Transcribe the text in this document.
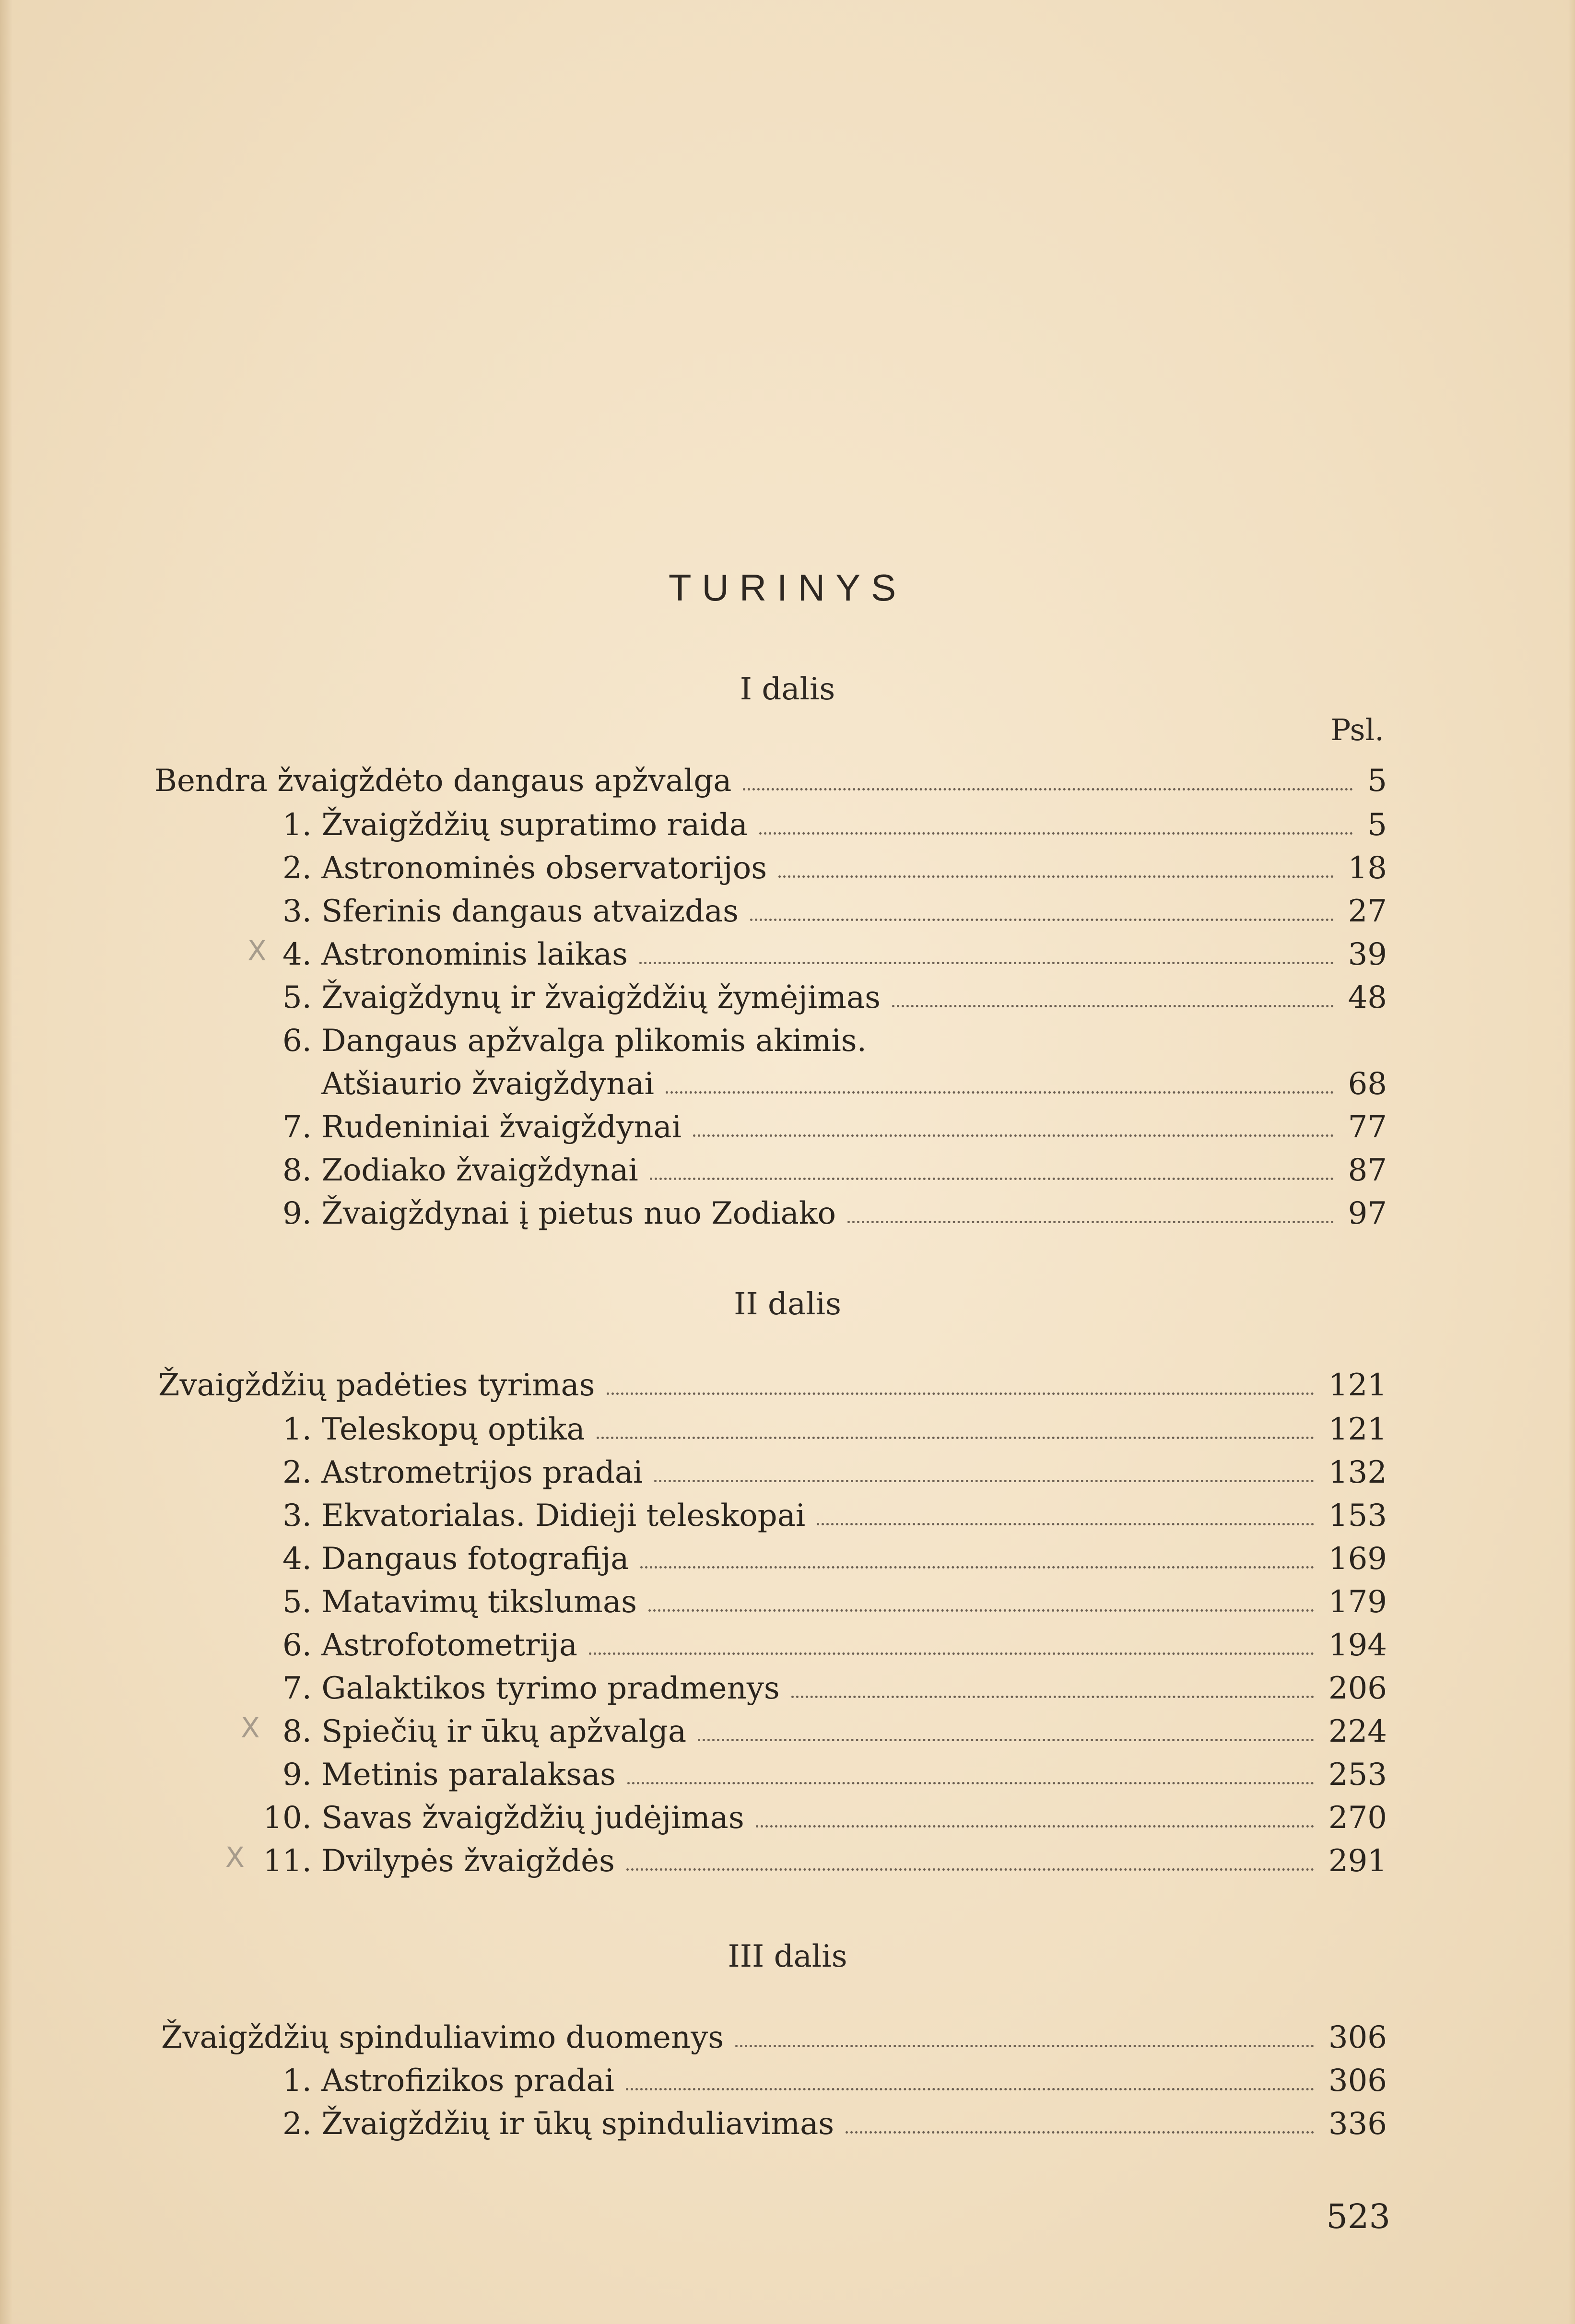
TURINYS
I dalis
Psl.
Bendra žvaigždėto dangaus apžvalga	5
1. Žvaigždžių supratimo raida	5
2. Astronominės observatorijos	18
3. Sferinis dangaus atvaizdas	27
4. Astronominis laikas	39
5. Žvaigždynų ir žvaigždžių žymėjimas	48
6. Dangaus apžvalga plikomis akimis.
Atšiaurio žvaigždynai	68
7. Rudeniniai žvaigždynai	77
8. Zodiako žvaigždynai	87
9. Žvaigždynai į pietus nuo Zodiako	97
II dalis
Žvaigždžių padėties tyrimas	121
1. Teleskopų optika	121
2. Astrometrijos pradai	132
3. Ekvatorialas. Didieji teleskopai	153
4. Dangaus fotografija	169
5. Matavimų tikslumas	179
6. Astrofotometrija	194
7. Galaktikos tyrimo pradmenys	206
8. Spiečių ir ūkų apžvalga	224
9. Metinis paralaksas	253
10. Savas žvaigždžių judėjimas	270
11. Dvilypės žvaigždės	291
III dalis
Žvaigždžių spinduliavimo duomenys	306
1. Astrofizikos pradai	306
2. Žvaigždžių ir ūkų spinduliavimas	336
X
X
X
523
